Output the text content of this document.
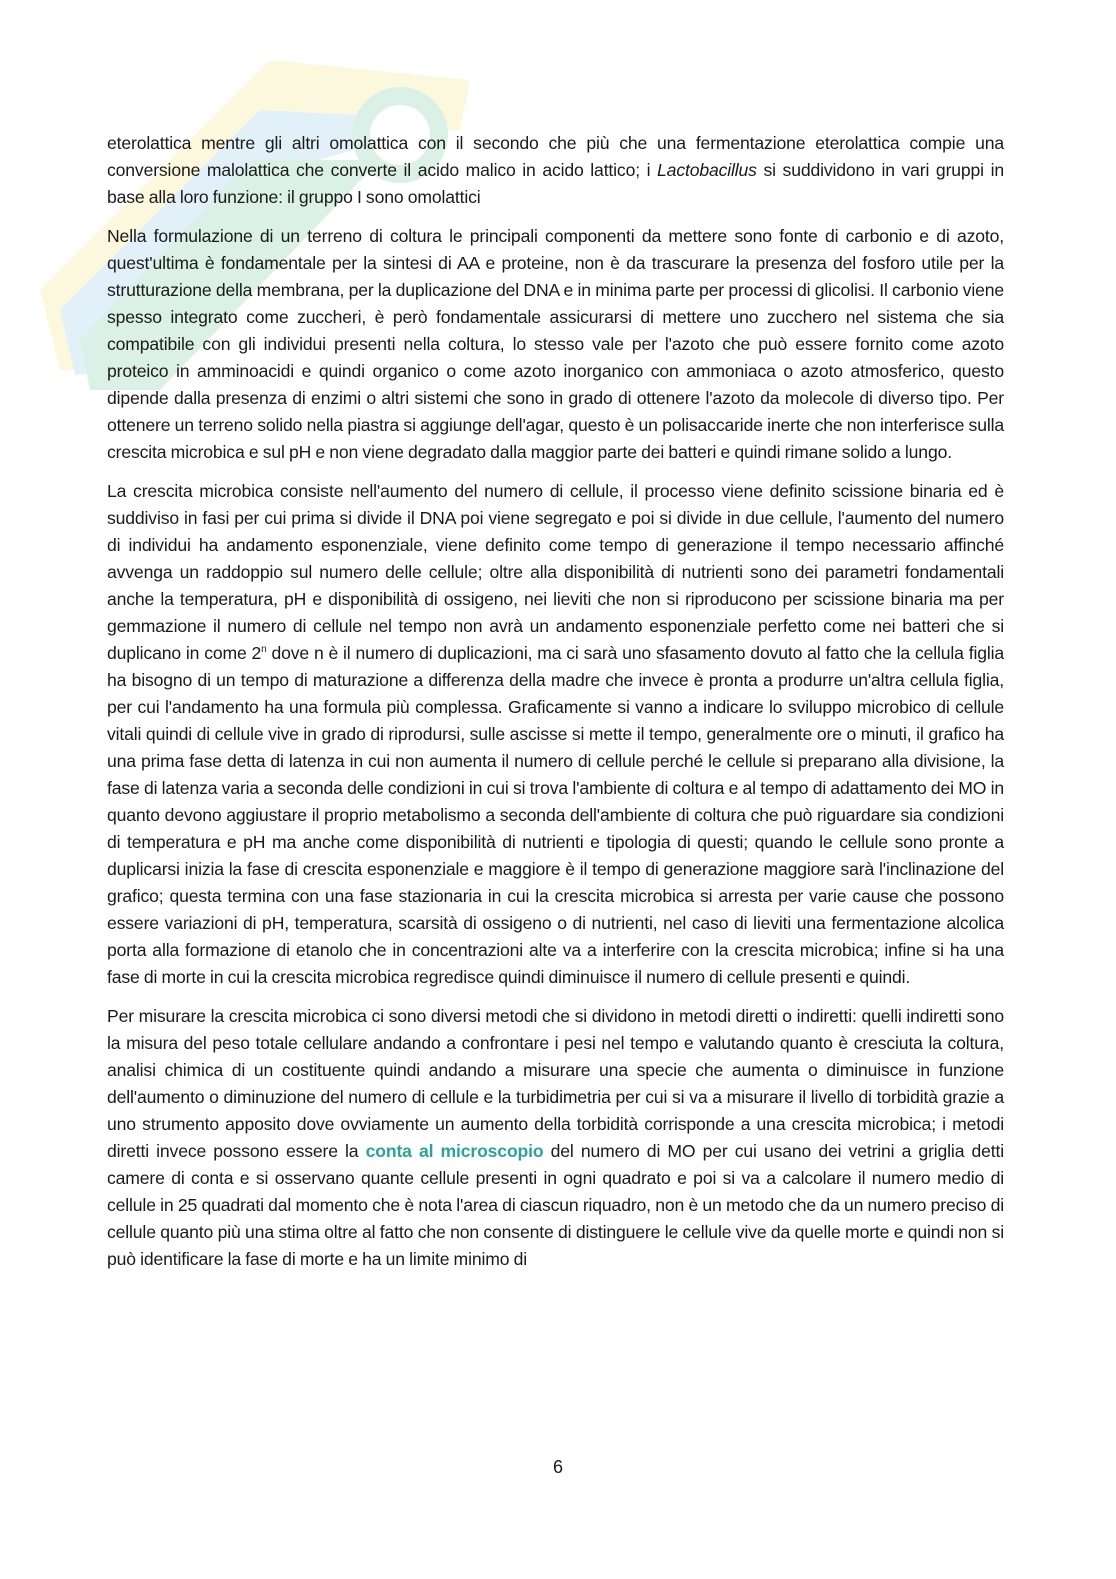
eterolattica mentre gli altri omolattica con il secondo che più che una fermentazione eterolattica compie una conversione malolattica che converte il acido malico in acido lattico; i Lactobacillus si suddividono in vari gruppi in base alla loro funzione: il gruppo I sono omolattici

Nella formulazione di un terreno di coltura le principali componenti da mettere sono fonte di carbonio e di azoto, quest'ultima è fondamentale per la sintesi di AA e proteine, non è da trascurare la presenza del fosforo utile per la strutturazione della membrana, per la duplicazione del DNA e in minima parte per processi di glicolisi. Il carbonio viene spesso integrato come zuccheri, è però fondamentale assicurarsi di mettere uno zucchero nel sistema che sia compatibile con gli individui presenti nella coltura, lo stesso vale per l'azoto che può essere fornito come azoto proteico in amminoacidi e quindi organico o come azoto inorganico con ammoniaca o azoto atmosferico, questo dipende dalla presenza di enzimi o altri sistemi che sono in grado di ottenere l'azoto da molecole di diverso tipo. Per ottenere un terreno solido nella piastra si aggiunge dell'agar, questo è un polisaccaride inerte che non interferisce sulla crescita microbica e sul pH e non viene degradato dalla maggior parte dei batteri e quindi rimane solido a lungo.

La crescita microbica consiste nell'aumento del numero di cellule, il processo viene definito scissione binaria ed è suddiviso in fasi per cui prima si divide il DNA poi viene segregato e poi si divide in due cellule, l'aumento del numero di individui ha andamento esponenziale, viene definito come tempo di generazione il tempo necessario affinché avvenga un raddoppio sul numero delle cellule; oltre alla disponibilità di nutrienti sono dei parametri fondamentali anche la temperatura, pH e disponibilità di ossigeno, nei lieviti che non si riproducono per scissione binaria ma per gemmazione il numero di cellule nel tempo non avrà un andamento esponenziale perfetto come nei batteri che si duplicano in come 2$^n$ dove n è il numero di duplicazioni, ma ci sarà uno sfasamento dovuto al fatto che la cellula figlia ha bisogno di un tempo di maturazione a differenza della madre che invece è pronta a produrre un'altra cellula figlia, per cui l'andamento ha una formula più complessa. Graficamente si vanno a indicare lo sviluppo microbico di cellule vitali quindi di cellule vive in grado di riprodursi, sulle ascisse si mette il tempo, generalmente ore o minuti, il grafico ha una prima fase detta di latenza in cui non aumenta il numero di cellule perché le cellule si preparano alla divisione, la fase di latenza varia a seconda delle condizioni in cui si trova l'ambiente di coltura e al tempo di adattamento dei MO in quanto devono aggiustare il proprio metabolismo a seconda dell'ambiente di coltura che può riguardare sia condizioni di temperatura e pH ma anche come disponibilità di nutrienti e tipologia di questi; quando le cellule sono pronte a duplicarsi inizia la fase di crescita esponenziale e maggiore è il tempo di generazione maggiore sarà l'inclinazione del grafico; questa termina con una fase stazionaria in cui la crescita microbica si arresta per varie cause che possono essere variazioni di pH, temperatura, scarsità di ossigeno o di nutrienti, nel caso di lieviti una fermentazione alcolica porta alla formazione di etanolo che in concentrazioni alte va a interferire con la crescita microbica; infine si ha una fase di morte in cui la crescita microbica regredisce quindi diminuisce il numero di cellule presenti e quindi.

Per misurare la crescita microbica ci sono diversi metodi che si dividono in metodi diretti o indiretti: quelli indiretti sono la misura del peso totale cellulare andando a confrontare i pesi nel tempo e valutando quanto è cresciuta la coltura, analisi chimica di un costituente quindi andando a misurare una specie che aumenta o diminuisce in funzione dell'aumento o diminuzione del numero di cellule e la turbidimetria per cui si va a misurare il livello di torbidità grazie a uno strumento apposito dove ovviamente un aumento della torbidità corrisponde a una crescita microbica; i metodi diretti invece possono essere la conta al microscopio del numero di MO per cui usano dei vetrini a griglia detti camere di conta e si osservano quante cellule presenti in ogni quadrato e poi si va a calcolare il numero medio di cellule in 25 quadrati dal momento che è nota l'area di ciascun riquadro, non è un metodo che da un numero preciso di cellule quanto più una stima oltre al fatto che non consente di distinguere le cellule vive da quelle morte e quindi non si può identificare la fase di morte e ha un limite minimo di

6
